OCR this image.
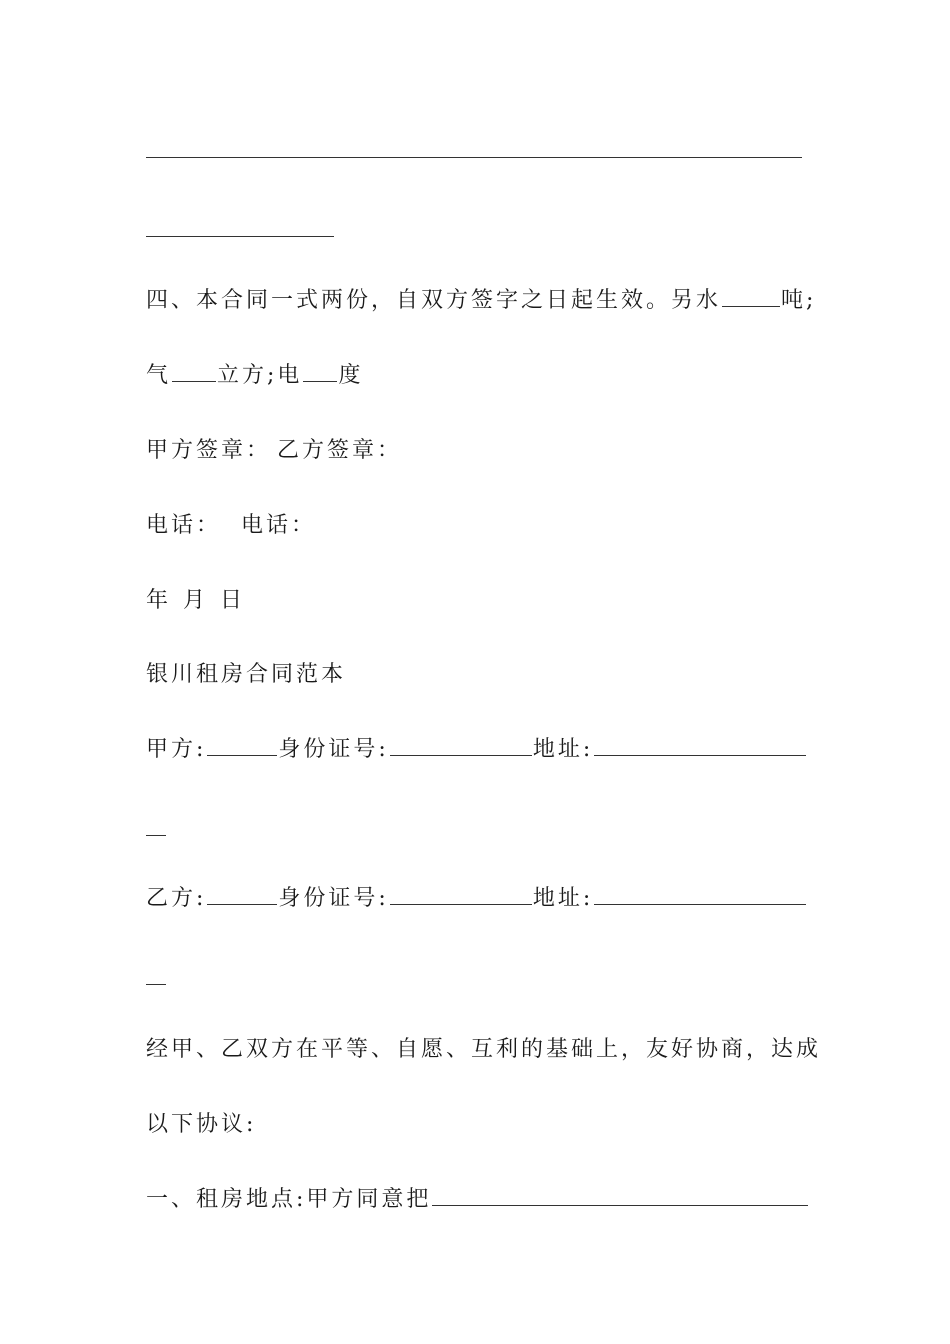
四、本合同一式两份，自双方签字之日起生效。另水	吨;
气 立方;电 度
甲方签章： 乙方签章：
电话： 电话：
年 月 日
银川租房合同范本
甲方:	身份证号:	地址:
乙方:	身份证号:	地址:
经甲、乙双方在平等、自愿、互利的基础上，友好协商，达成
以下协议:
一、租房地点:甲方同意把
